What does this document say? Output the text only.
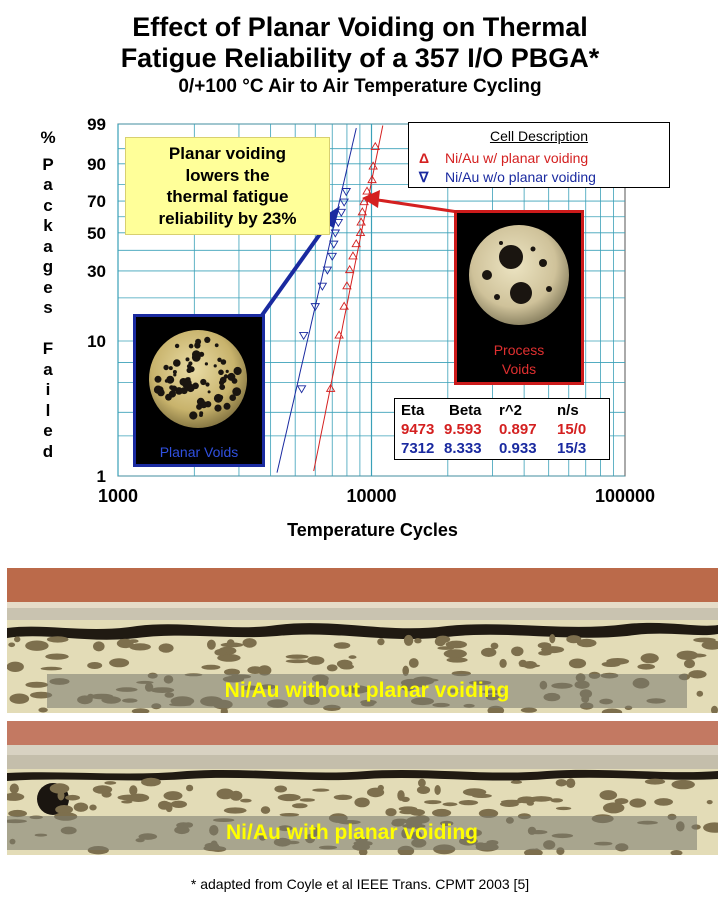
Effect of Planar Voiding on Thermal
Fatigue Reliability of a 357 I/O PBGA*
0/+100 °C Air to Air Temperature Cycling
99
90
70
50
30
10
1
1000	10000	100000
%
P
a
c
k
a
g
e
s

F
a
i
l
e
d
Temperature Cycles
Planar voiding
lowers the
thermal fatigue
reliability by 23%
Cell Description
Δ Ni/Au w/ planar voiding
∇ Ni/Au w/o planar voiding
Eta Beta r^2 n/s
9473 9.593 0.897 15/0
7312 8.333 0.933 15/3
Planar Voids
Process
Voids
Ni/Au without planar voiding
Ni/Au with planar voiding
* adapted from Coyle et al IEEE Trans. CPMT 2003 [5]
